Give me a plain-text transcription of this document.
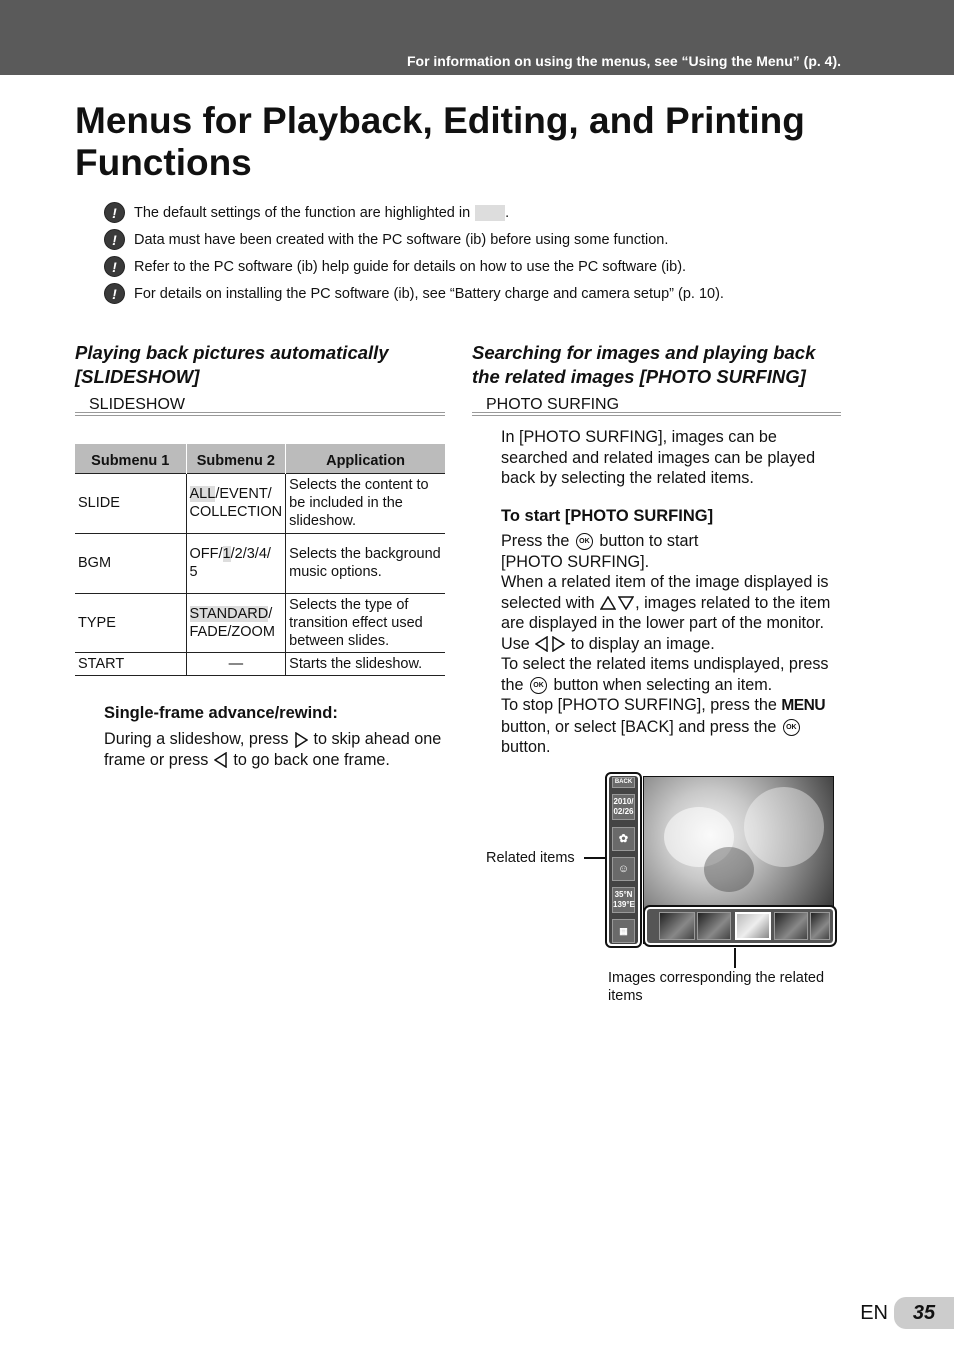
For information on using the menus, see “Using the Menu” (p. 4).
Menus for Playback, Editing, and Printing Functions
!	The default settings of the function are highlighted in .
!	Data must have been created with the PC software (ib) before using some function.
!	Refer to the PC software (ib) help guide for details on how to use the PC software (ib).
!	For details on installing the PC software (ib), see “Battery charge and camera setup” (p. 10).
Playing back pictures automatically [SLIDESHOW]
SLIDESHOW
Submenu 1	Submenu 2	Application
SLIDE	ALL/EVENT/ COLLECTION	Selects the content to be included in the slideshow.
BGM	OFF/1/2/3/4/ 5	Selects the background music options.
TYPE	STANDARD/ FADE/ZOOM	Selects the type of transition effect used between slides.
START	—	Starts the slideshow.
Single-frame advance/rewind:
During a slideshow, press to skip ahead one frame or press to go back one frame.
Searching for images and playing back the related images [PHOTO SURFING]
PHOTO SURFING
In [PHOTO SURFING], images can be searched and related images can be played back by selecting the related items.
To start [PHOTO SURFING]
Press the OK button to start [PHOTO SURFING].
When a related item of the image displayed is selected with	, images related to the item are displayed in the lower part of the monitor. Use	to display an image.
To select the related items undisplayed, press the OK button when selecting an item.
To stop [PHOTO SURFING], press the MENU button, or select [BACK] and press the OK button.
Related items
BACK
2010/
02/26
✿
☺
35°N
139°E
▦
Images corresponding the related items
EN	35
